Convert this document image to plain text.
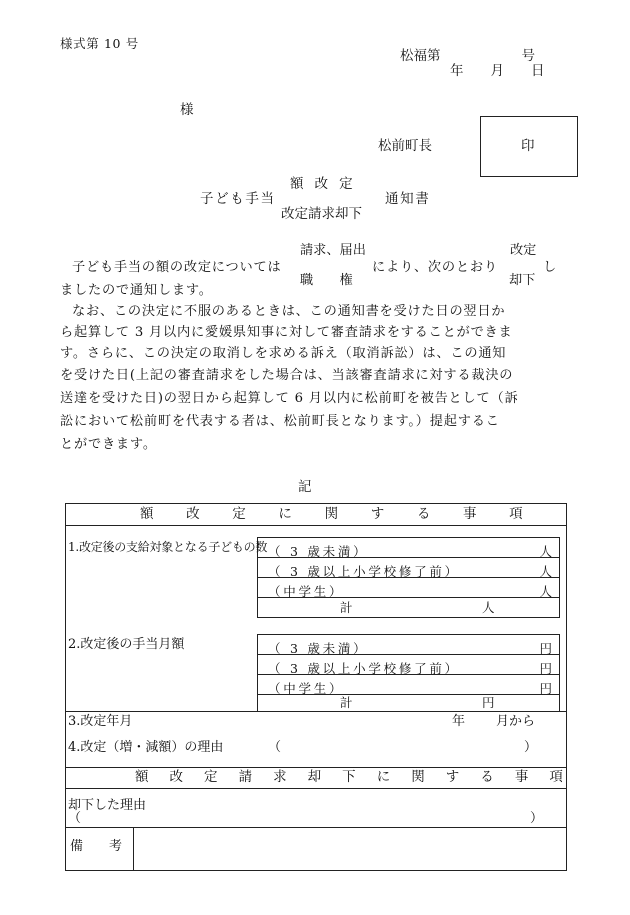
様式第 10 号
松福第　　　　　　号
年　　月　　日
様
松前町長	印
額 改 定
子ども手当	通知書
改定請求却下
請求、届出	改定
子ども手当の額の改定については	により、次のとおり	し
職　　権	却下
ましたので通知します。
なお、この決定に不服のあるときは、この通知書を受けた日の翌日か
ら起算して 3 月以内に愛媛県知事に対して審査請求をすることができま
す。さらに、この決定の取消しを求める訴え（取消訴訟）は、この通知
を受けた日(上記の審査請求をした場合は、当該審査請求に対する裁決の
送達を受けた日)の翌日から起算して 6 月以内に松前町を被告として（訴
訟において松前町を代表する者は、松前町長となります。）提起するこ
とができます。
記
額 改 定 に 関 す る 事 項
1.改定後の支給対象となる子どもの数 （ 3 歳未満）	人
（ 3 歳以上小学校修了前）	人
（中学生）	人
計	人
2.改定後の手当月額	（ 3 歳未満）	円
（ 3 歳以上小学校修了前）	円
（中学生）	円
計	円
3.改定年月	年 月から
4.改定（増・減額）の理由	（	）
額 改 定 請 求 却 下 に 関 す る 事 項
却下した理由
（	）
備　　考
